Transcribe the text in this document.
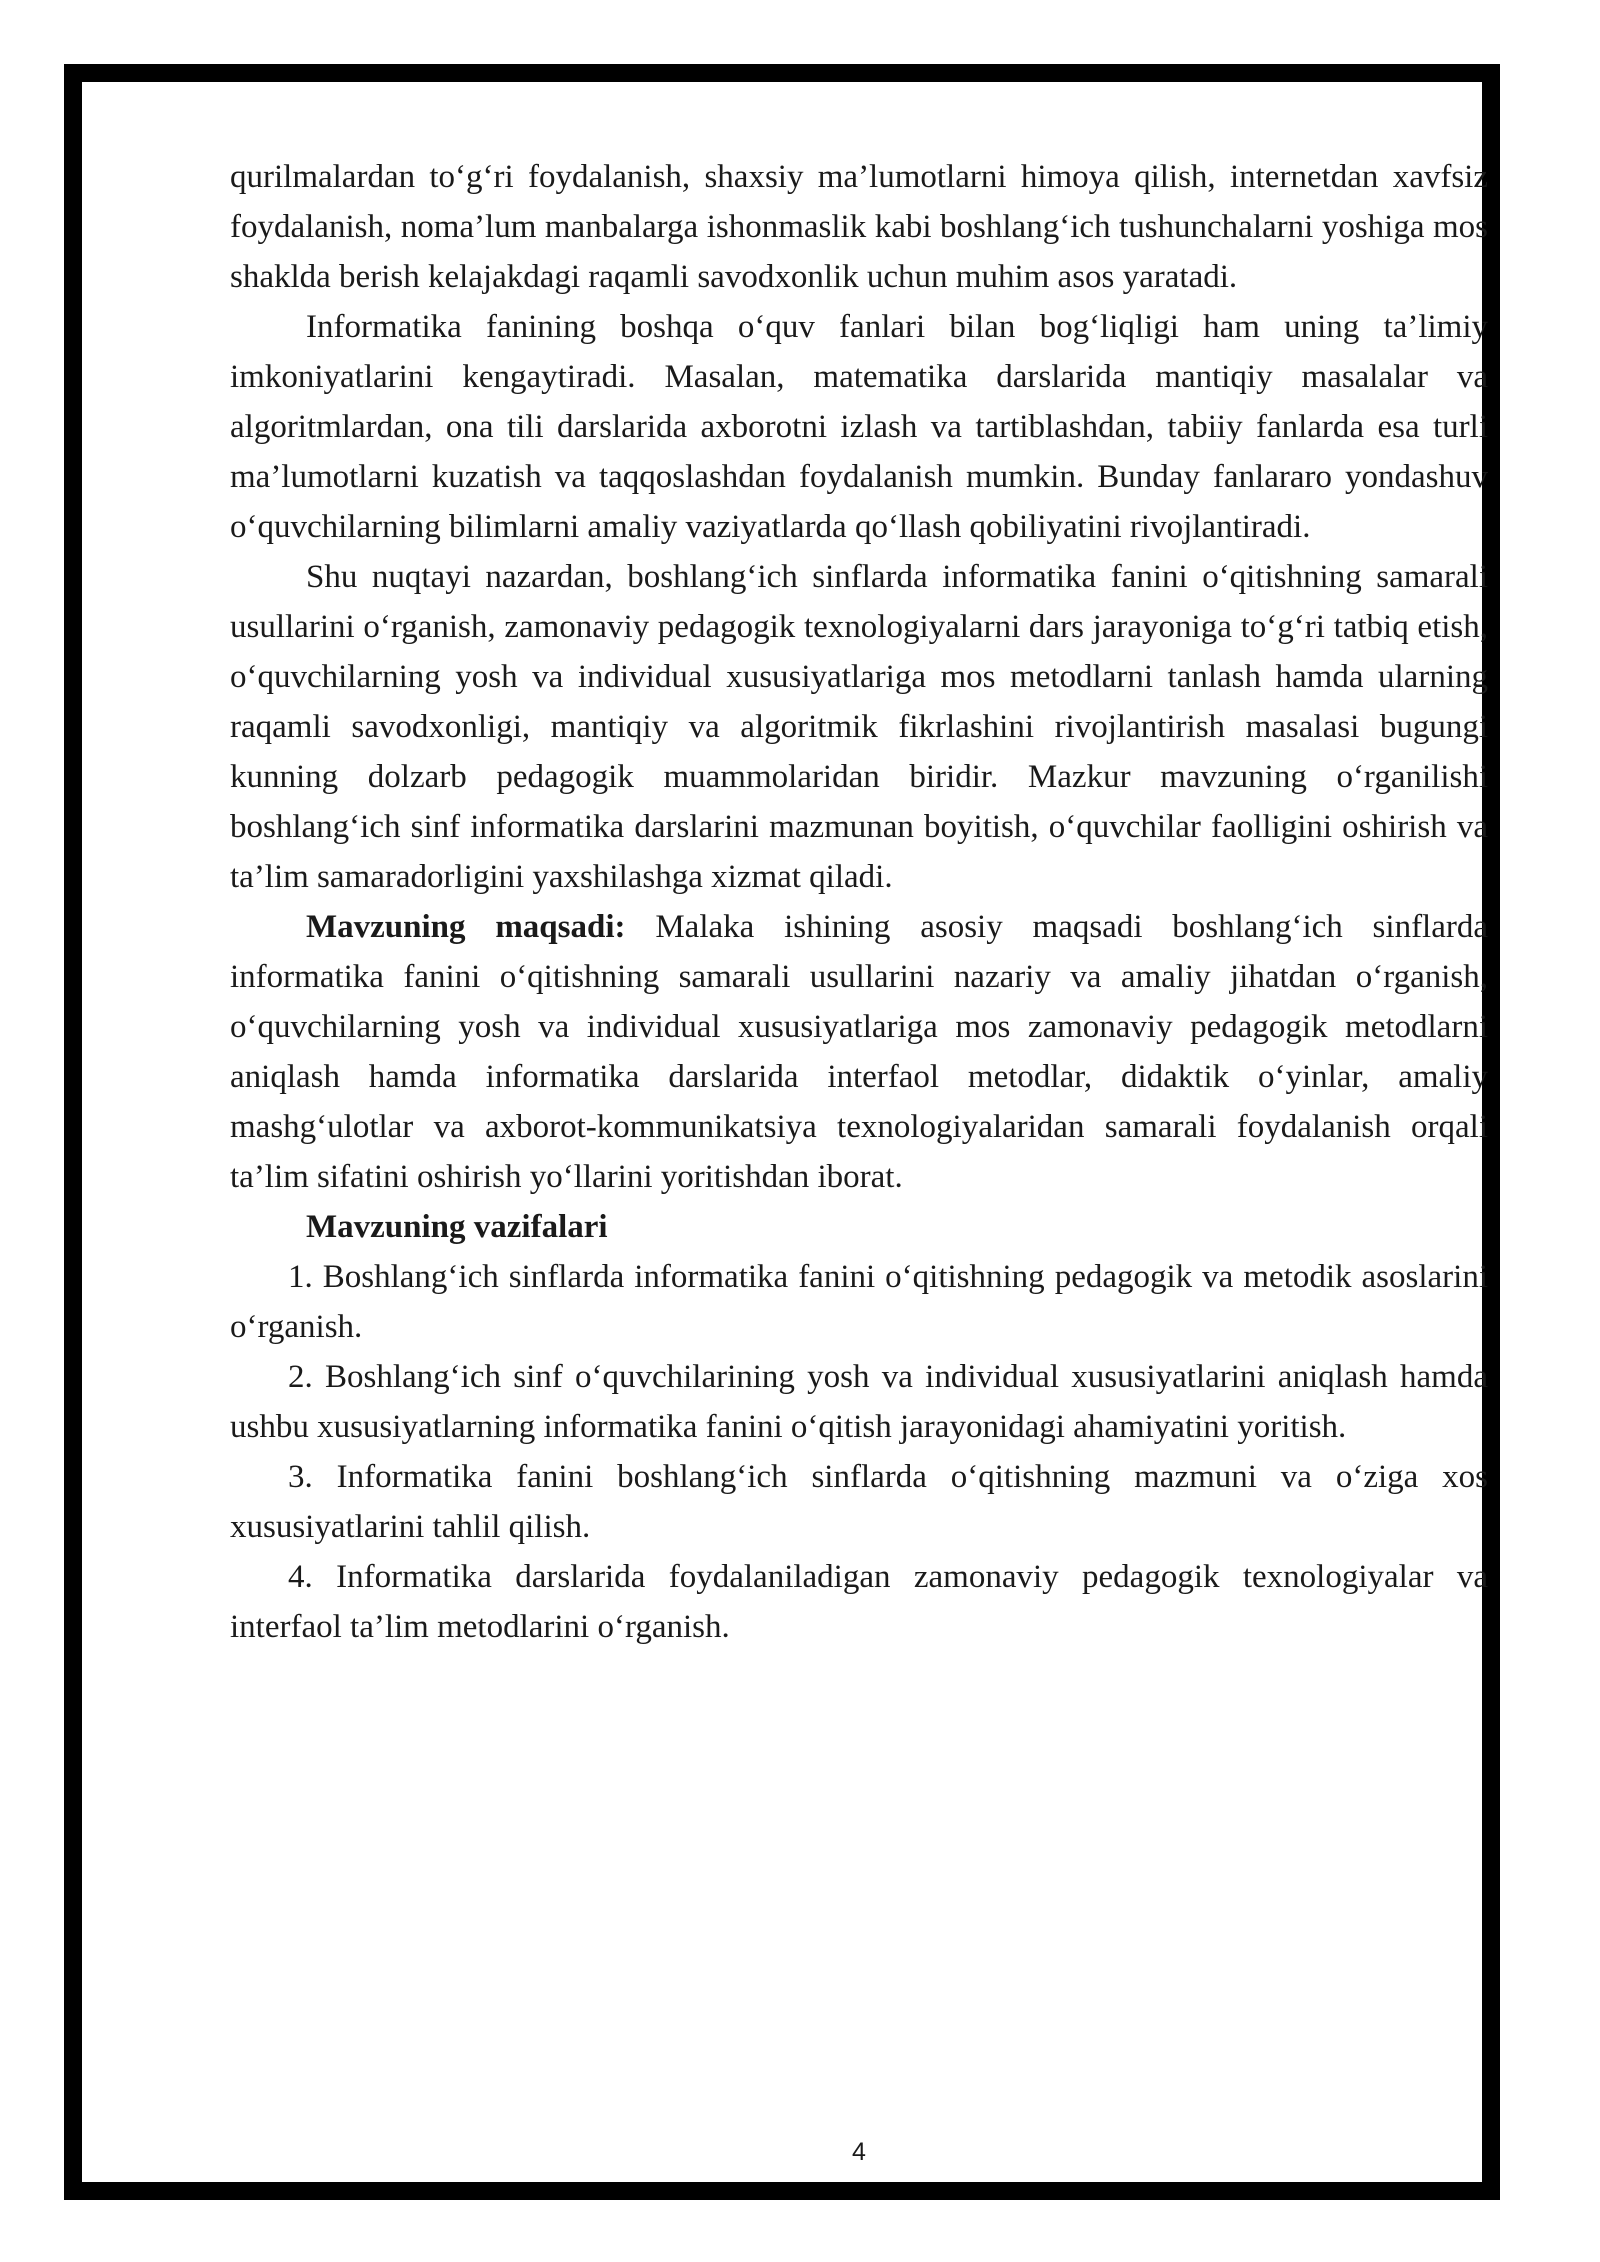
qurilmalardan to‘g‘ri foydalanish, shaxsiy ma’lumotlarni himoya qilish, internetdan xavfsiz foydalanish, noma’lum manbalarga ishonmaslik kabi boshlang‘ich tushunchalarni yoshiga mos shaklda berish kelajakdagi raqamli savodxonlik uchun muhim asos yaratadi.

Informatika fanining boshqa o‘quv fanlari bilan bog‘liqligi ham uning ta’limiy imkoniyatlarini kengaytiradi. Masalan, matematika darslarida mantiqiy masalalar va algoritmlardan, ona tili darslarida axborotni izlash va tartiblashdan, tabiiy fanlarda esa turli ma’lumotlarni kuzatish va taqqoslashdan foydalanish mumkin. Bunday fanlararo yondashuv o‘quvchilarning bilimlarni amaliy vaziyatlarda qo‘llash qobiliyatini rivojlantiradi.

Shu nuqtayi nazardan, boshlang‘ich sinflarda informatika fanini o‘qitishning samarali usullarini o‘rganish, zamonaviy pedagogik texnologiyalarni dars jarayoniga to‘g‘ri tatbiq etish, o‘quvchilarning yosh va individual xususiyatlariga mos metodlarni tanlash hamda ularning raqamli savodxonligi, mantiqiy va algoritmik fikrlashini rivojlantirish masalasi bugungi kunning dolzarb pedagogik muammolaridan biridir. Mazkur mavzuning o‘rganilishi boshlang‘ich sinf informatika darslarini mazmunan boyitish, o‘quvchilar faolligini oshirish va ta’lim samaradorligini yaxshilashga xizmat qiladi.

Mavzuning maqsadi: Malaka ishining asosiy maqsadi boshlang‘ich sinflarda informatika fanini o‘qitishning samarali usullarini nazariy va amaliy jihatdan o‘rganish, o‘quvchilarning yosh va individual xususiyatlariga mos zamonaviy pedagogik metodlarni aniqlash hamda informatika darslarida interfaol metodlar, didaktik o‘yinlar, amaliy mashg‘ulotlar va axborot-kommunikatsiya texnologiyalaridan samarali foydalanish orqali ta’lim sifatini oshirish yo‘llarini yoritishdan iborat.

Mavzuning vazifalari

1. Boshlang‘ich sinflarda informatika fanini o‘qitishning pedagogik va metodik asoslarini o‘rganish.

2. Boshlang‘ich sinf o‘quvchilarining yosh va individual xususiyatlarini aniqlash hamda ushbu xususiyatlarning informatika fanini o‘qitish jarayonidagi ahamiyatini yoritish.

3. Informatika fanini boshlang‘ich sinflarda o‘qitishning mazmuni va o‘ziga xos xususiyatlarini tahlil qilish.

4. Informatika darslarida foydalaniladigan zamonaviy pedagogik texnologiyalar va interfaol ta’lim metodlarini o‘rganish.

4
